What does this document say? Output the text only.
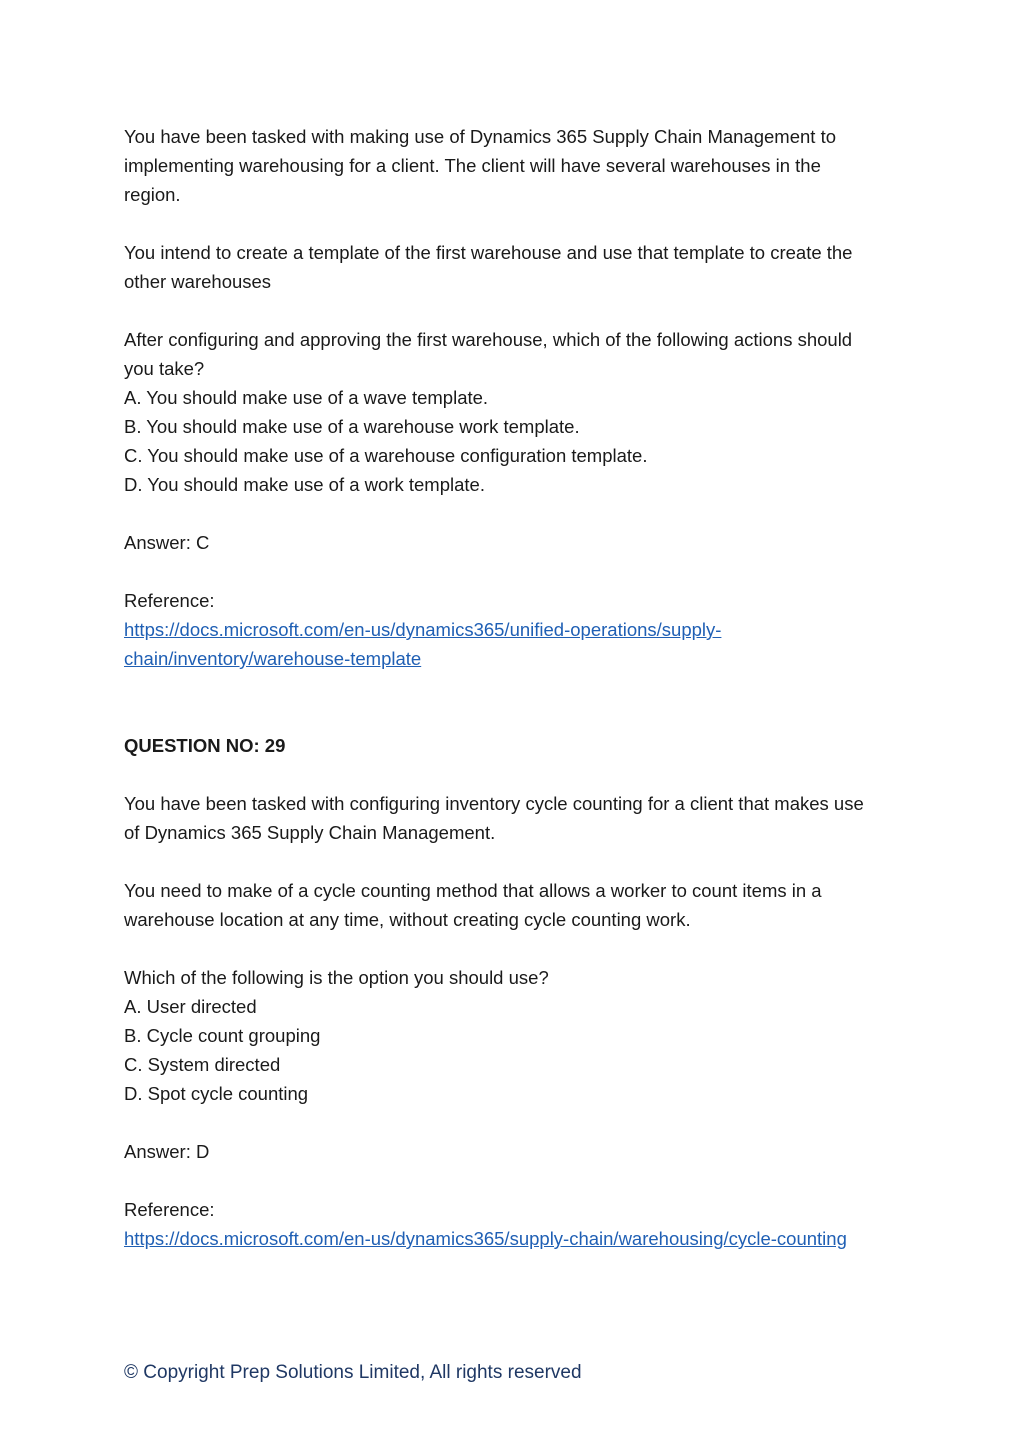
You have been tasked with making use of Dynamics 365 Supply Chain Management to
implementing warehousing for a client. The client will have several warehouses in the
region.
You intend to create a template of the first warehouse and use that template to create the
other warehouses
After configuring and approving the first warehouse, which of the following actions should
you take?
A. You should make use of a wave template.
B. You should make use of a warehouse work template.
C. You should make use of a warehouse configuration template.
D. You should make use of a work template.
Answer: C
Reference:
https://docs.microsoft.com/en-us/dynamics365/unified-operations/supply-
chain/inventory/warehouse-template
QUESTION NO: 29
You have been tasked with configuring inventory cycle counting for a client that makes use
of Dynamics 365 Supply Chain Management.
You need to make of a cycle counting method that allows a worker to count items in a
warehouse location at any time, without creating cycle counting work.
Which of the following is the option you should use?
A. User directed
B. Cycle count grouping
C. System directed
D. Spot cycle counting
Answer: D
Reference:
https://docs.microsoft.com/en-us/dynamics365/supply-chain/warehousing/cycle-counting
© Copyright Prep Solutions Limited, All rights reserved
